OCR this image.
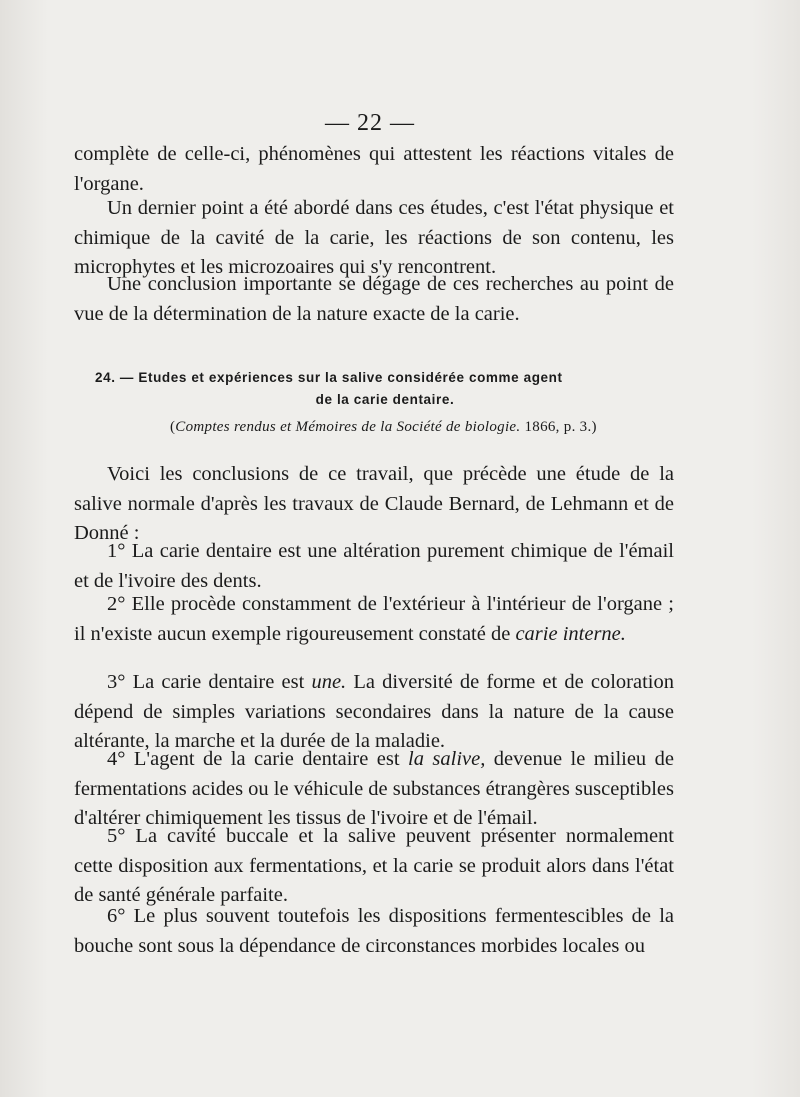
— 22 —

complète de celle-ci, phénomènes qui attestent les réactions vitales de l'organe.

Un dernier point a été abordé dans ces études, c'est l'état physique et chimique de la cavité de la carie, les réactions de son contenu, les microphytes et les microzoaires qui s'y rencontrent.

Une conclusion importante se dégage de ces recherches au point de vue de la détermination de la nature exacte de la carie.

24. — Etudes et expériences sur la salive considérée comme agent
de la carie dentaire.

(Comptes rendus et Mémoires de la Société de biologie. 1866, p. 3.)

Voici les conclusions de ce travail, que précède une étude de la salive normale d'après les travaux de Claude Bernard, de Lehmann et de Donné :

1° La carie dentaire est une altération purement chimique de l'émail et de l'ivoire des dents.

2° Elle procède constamment de l'extérieur à l'intérieur de l'organe ; il n'existe aucun exemple rigoureusement constaté de carie interne.

3° La carie dentaire est une. La diversité de forme et de coloration dépend de simples variations secondaires dans la nature de la cause altérante, la marche et la durée de la maladie.

4° L'agent de la carie dentaire est la salive, devenue le milieu de fermentations acides ou le véhicule de substances étrangères susceptibles d'altérer chimiquement les tissus de l'ivoire et de l'émail.

5° La cavité buccale et la salive peuvent présenter normalement cette disposition aux fermentations, et la carie se produit alors dans l'état de santé générale parfaite.

6° Le plus souvent toutefois les dispositions fermentescibles de la bouche sont sous la dépendance de circonstances morbides locales ou
